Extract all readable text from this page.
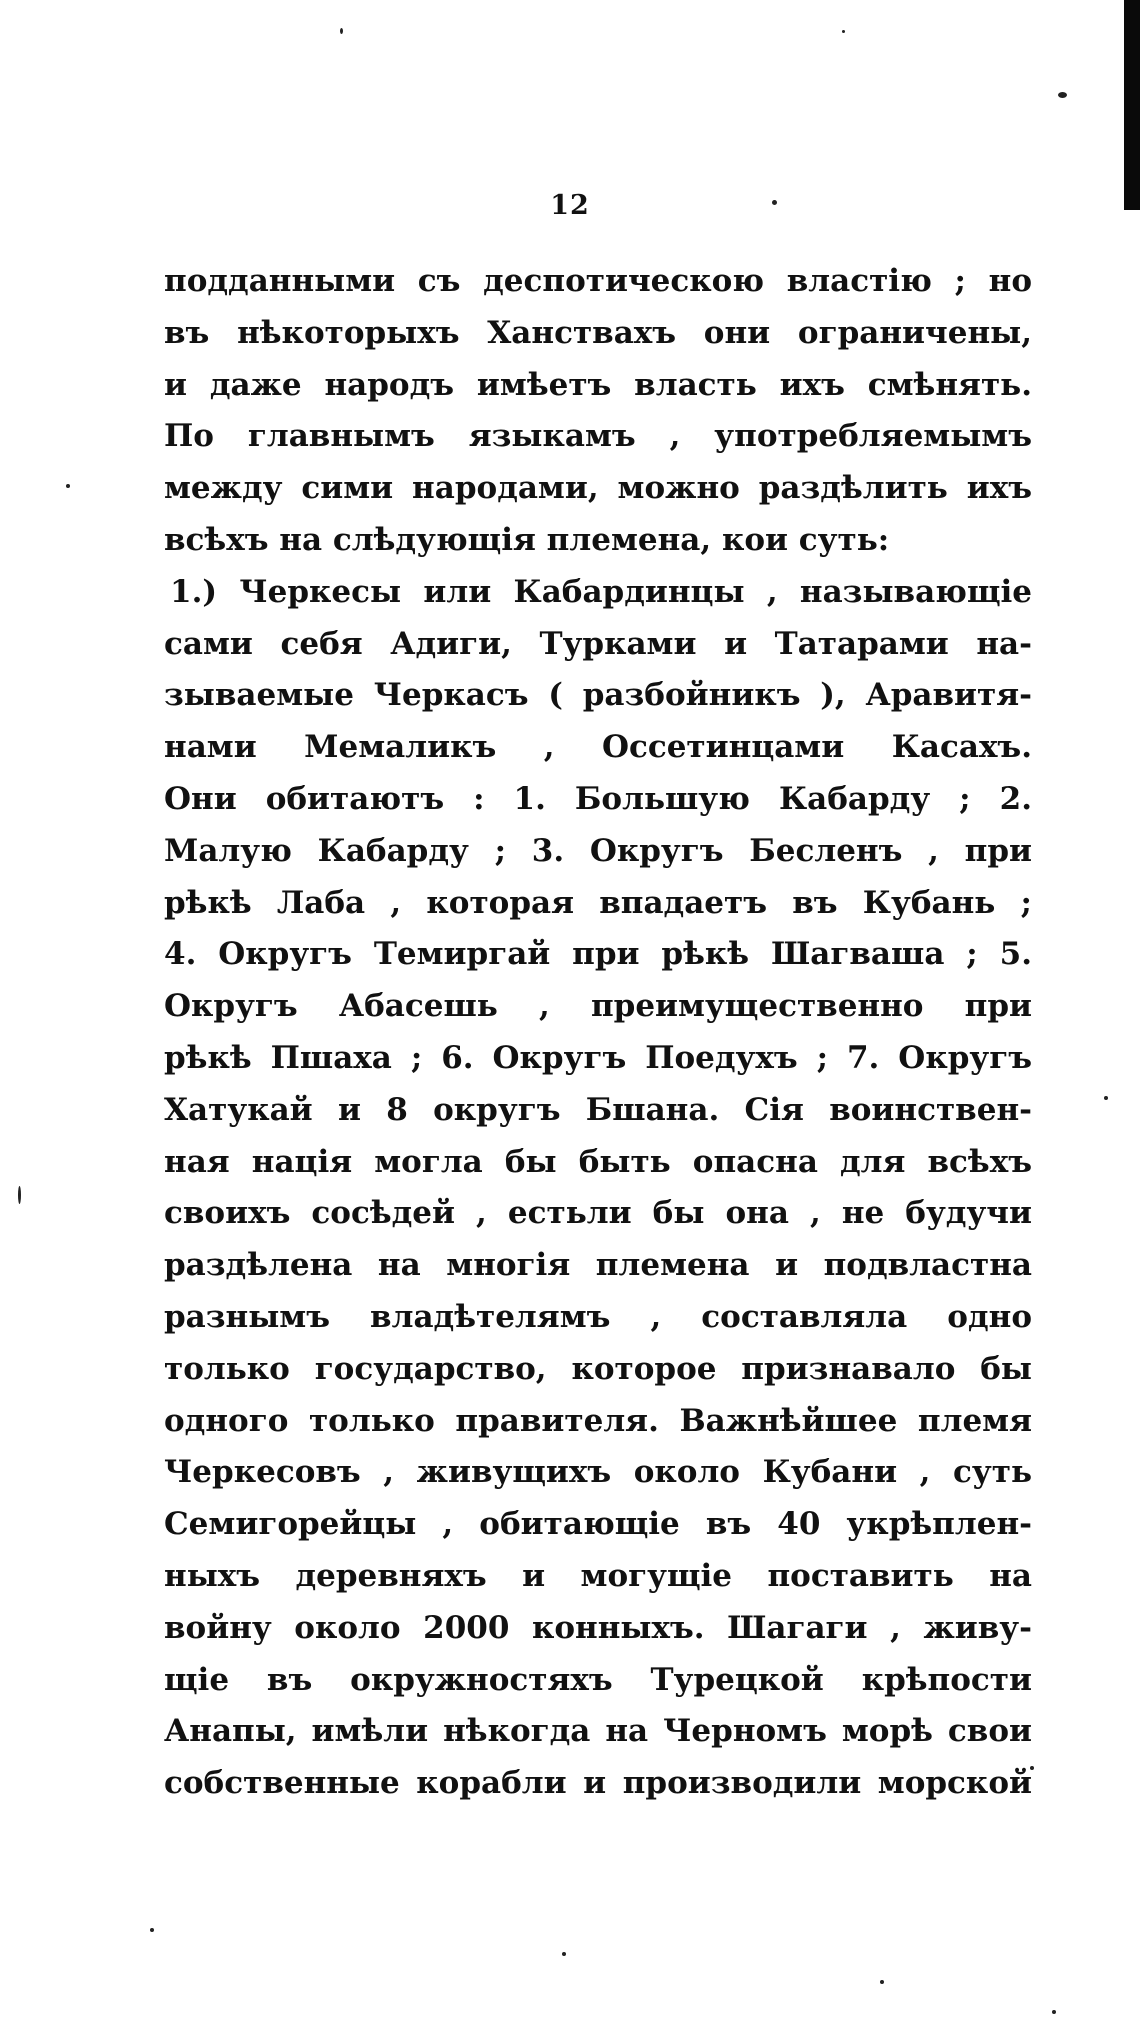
12
подданными съ деспотическою властію ; но
въ нѣкоторыхъ Ханствахъ они ограничены,
и даже народъ имѣетъ власть ихъ смѣнять.
По главнымъ языкамъ , употребляемымъ
между сими народами, можно раздѣлить ихъ
всѣхъ на слѣдующія племена, кои суть:
1.) Черкесы или Кабардинцы , называющіе
сами себя Адиги, Турками и Татарами на-
зываемые Черкасъ ( разбойникъ ), Аравитя-
нами Мемаликъ , Оссетинцами Касахъ.
Они обитаютъ : 1. Большую Кабарду ; 2.
Малую Кабарду ; 3. Округъ Бесленъ , при
рѣкѣ Лаба , которая впадаетъ въ Кубань ;
4. Округъ Темиргай при рѣкѣ Шагваша ; 5.
Округъ Абасешь , преимущественно при
рѣкѣ Пшаха ; 6. Округъ Поедухъ ; 7. Округъ
Хатукай и 8 округъ Бшана. Сія воинствен-
ная нація могла бы быть опасна для всѣхъ
своихъ сосѣдей , естьли бы она , не будучи
раздѣлена на многія племена и подвластна
разнымъ владѣтелямъ , составляла одно
только государство, которое признавало бы
одного только правителя. Важнѣйшее племя
Черкесовъ , живущихъ около Кубани , суть
Семигорейцы , обитающіе въ 40 укрѣплен-
ныхъ деревняхъ и могущіе поставить на
войну около 2000 конныхъ. Шагаги , живу-
щіе въ окружностяхъ Турецкой крѣпости
Анапы, имѣли нѣкогда на Черномъ морѣ свои
собственные корабли и производили морской
